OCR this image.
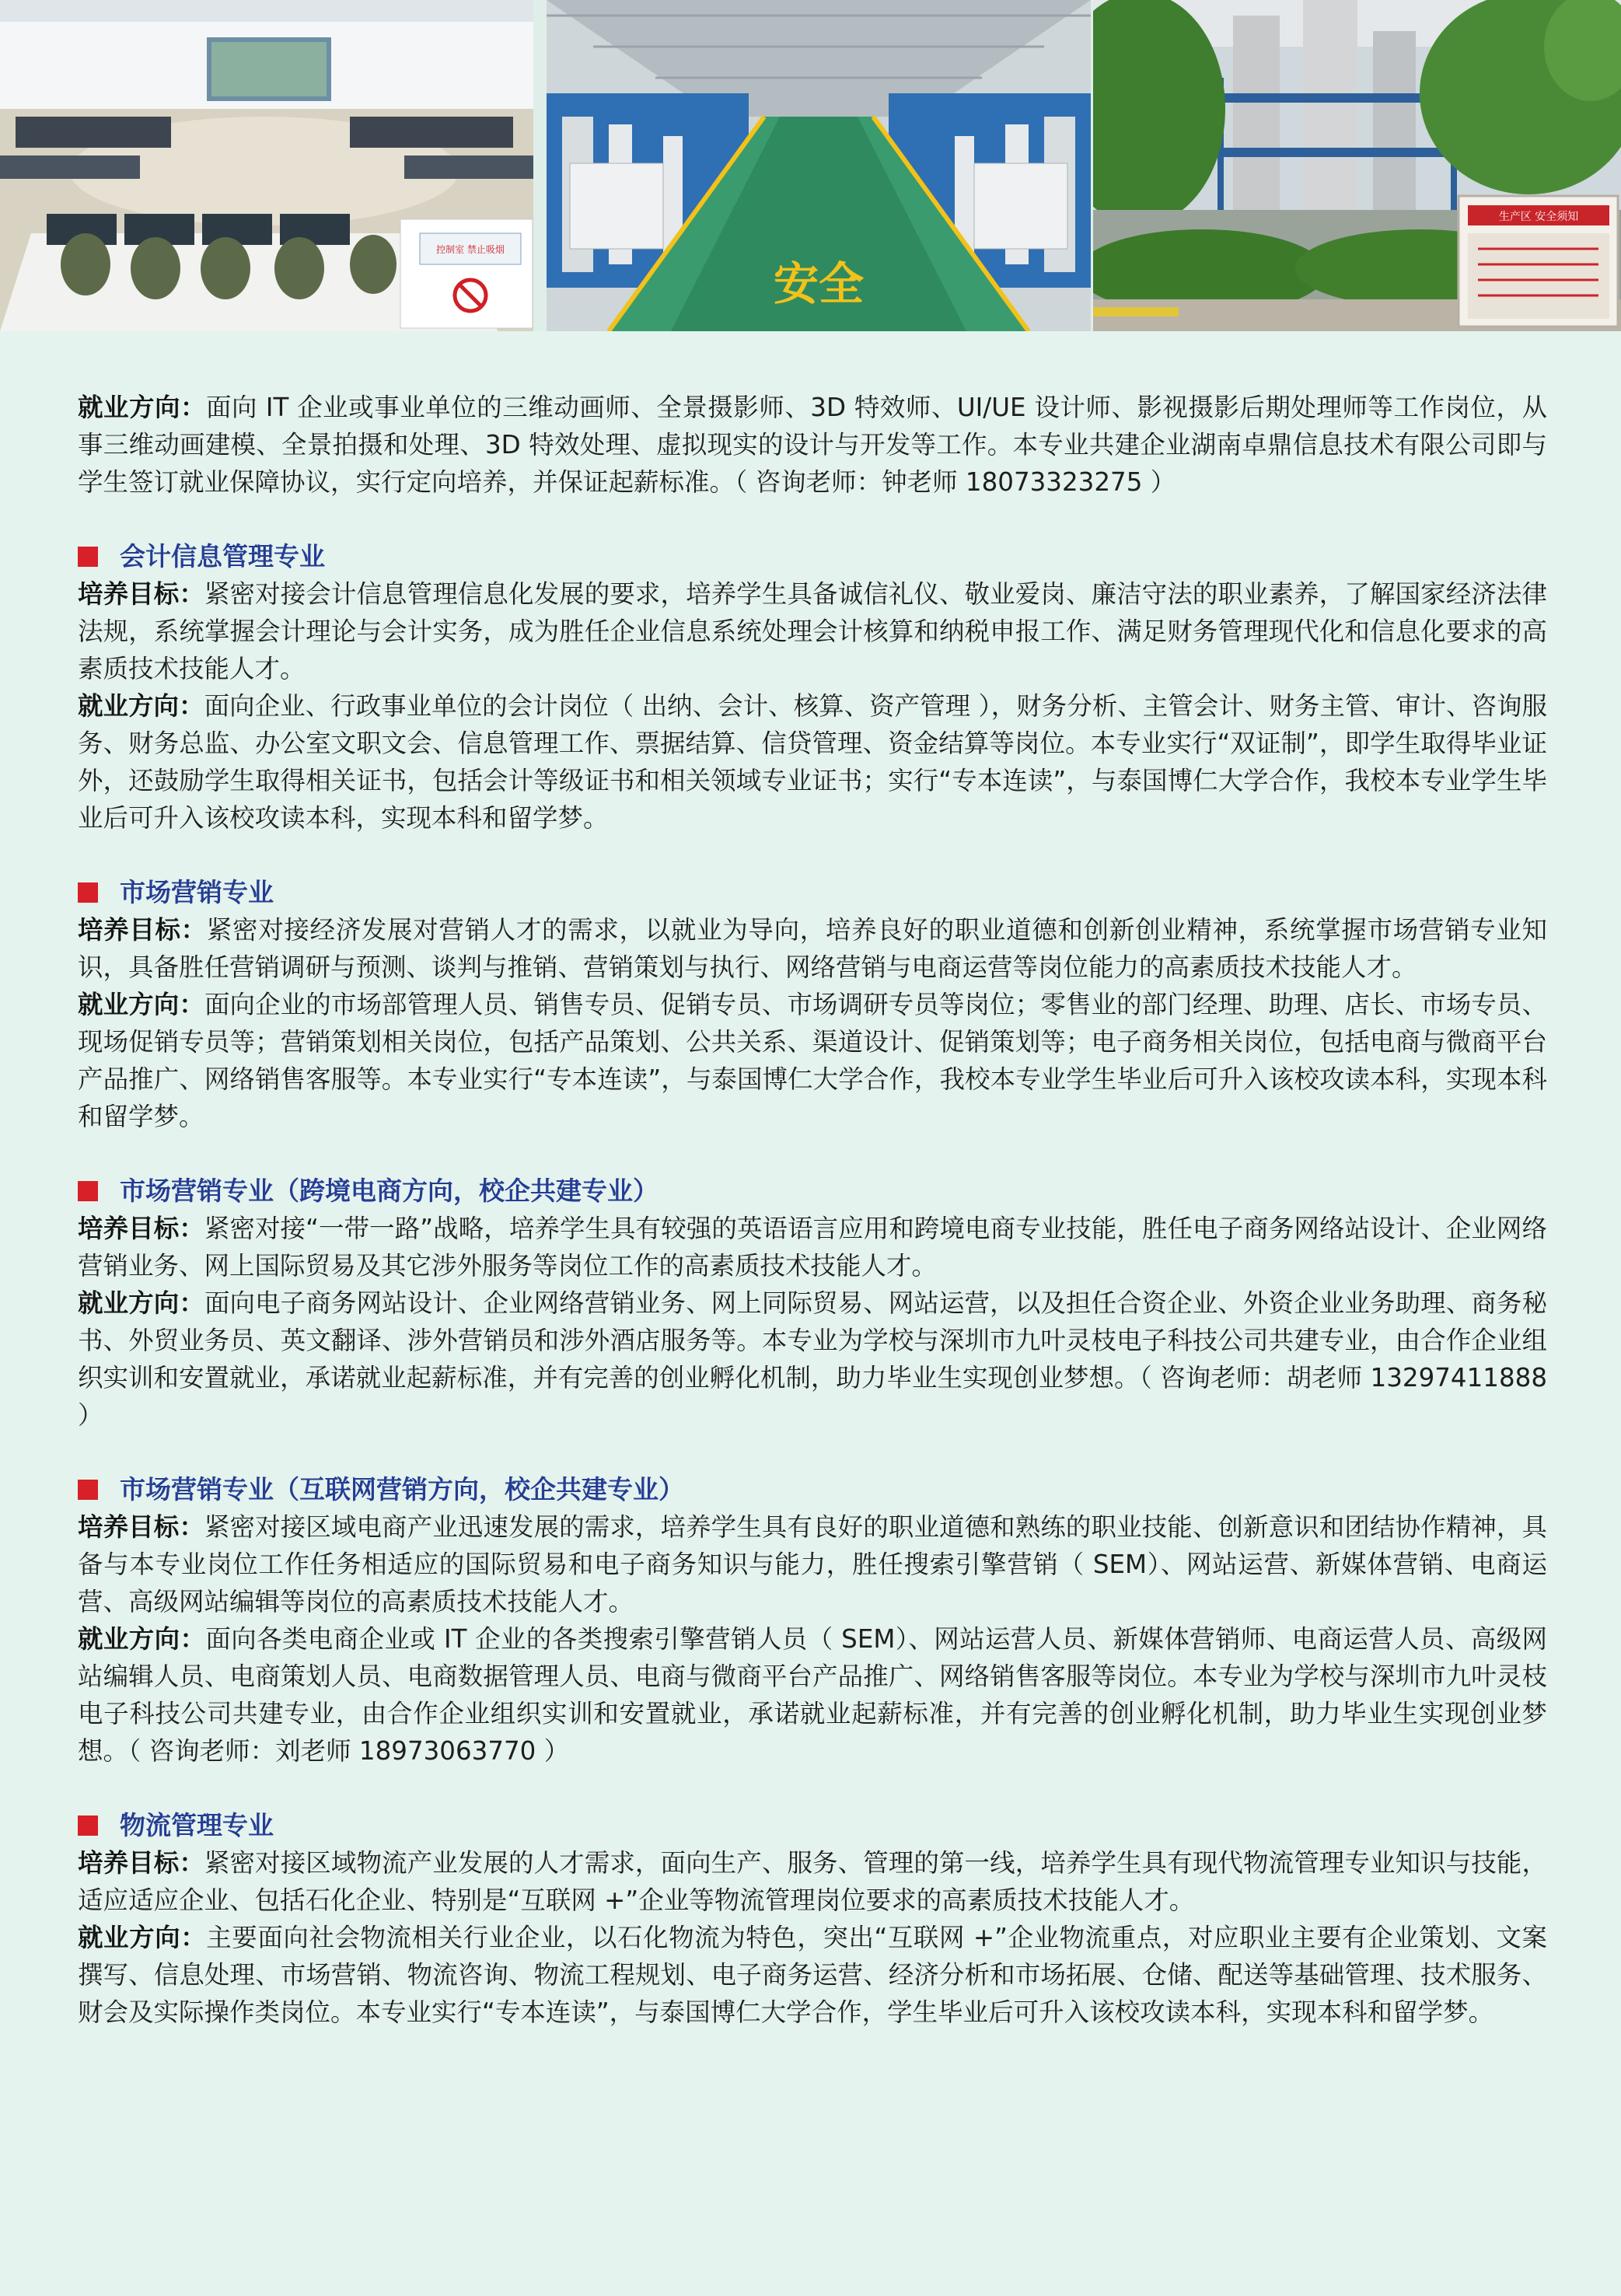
控制室 禁止吸烟
安全
生产区 安全须知

就业方向：面向 IT 企业或事业单位的三维动画师、全景摄影师、3D 特效师、UI/UE 设计师、影视摄影后期处理师等工作岗位，从事三维动画建模、全景拍摄和处理、3D 特效处理、虚拟现实的设计与开发等工作。本专业共建企业湖南卓鼎信息技术有限公司即与学生签订就业保障协议，实行定向培养，并保证起薪标准。（ 咨询老师：钟老师 18073323275 ）

会计信息管理专业

培养目标：紧密对接会计信息管理信息化发展的要求，培养学生具备诚信礼仪、敬业爱岗、廉洁守法的职业素养，了解国家经济法律法规，系统掌握会计理论与会计实务，成为胜任企业信息系统处理会计核算和纳税申报工作、满足财务管理现代化和信息化要求的高素质技术技能人才。

就业方向：面向企业、行政事业单位的会计岗位（ 出纳、会计、核算、资产管理 ），财务分析、主管会计、财务主管、审计、咨询服务、财务总监、办公室文职文会、信息管理工作、票据结算、信贷管理、资金结算等岗位。本专业实行“双证制”，即学生取得毕业证外，还鼓励学生取得相关证书，包括会计等级证书和相关领域专业证书；实行“专本连读”，与泰国博仁大学合作，我校本专业学生毕业后可升入该校攻读本科，实现本科和留学梦。

市场营销专业

培养目标：紧密对接经济发展对营销人才的需求，以就业为导向，培养良好的职业道德和创新创业精神，系统掌握市场营销专业知识，具备胜任营销调研与预测、谈判与推销、营销策划与执行、网络营销与电商运营等岗位能力的高素质技术技能人才。

就业方向：面向企业的市场部管理人员、销售专员、促销专员、市场调研专员等岗位；零售业的部门经理、助理、店长、市场专员、现场促销专员等；营销策划相关岗位，包括产品策划、公共关系、渠道设计、促销策划等；电子商务相关岗位，包括电商与微商平台产品推广、网络销售客服等。本专业实行“专本连读”，与泰国博仁大学合作，我校本专业学生毕业后可升入该校攻读本科，实现本科和留学梦。

市场营销专业（跨境电商方向，校企共建专业）

培养目标：紧密对接“一带一路”战略，培养学生具有较强的英语语言应用和跨境电商专业技能，胜任电子商务网络站设计、企业网络营销业务、网上国际贸易及其它涉外服务等岗位工作的高素质技术技能人才。

就业方向：面向电子商务网站设计、企业网络营销业务、网上同际贸易、网站运营，以及担任合资企业、外资企业业务助理、商务秘书、外贸业务员、英文翻译、涉外营销员和涉外酒店服务等。本专业为学校与深圳市九叶灵枝电子科技公司共建专业，由合作企业组织实训和安置就业，承诺就业起薪标准，并有完善的创业孵化机制，助力毕业生实现创业梦想。（ 咨询老师：胡老师 13297411888 ）

市场营销专业（互联网营销方向，校企共建专业）

培养目标：紧密对接区域电商产业迅速发展的需求，培养学生具有良好的职业道德和熟练的职业技能、创新意识和团结协作精神，具备与本专业岗位工作任务相适应的国际贸易和电子商务知识与能力，胜任搜索引擎营销（ SEM）、网站运营、新媒体营销、电商运营、高级网站编辑等岗位的高素质技术技能人才。

就业方向：面向各类电商企业或 IT 企业的各类搜索引擎营销人员（ SEM）、网站运营人员、新媒体营销师、电商运营人员、高级网站编辑人员、电商策划人员、电商数据管理人员、电商与微商平台产品推广、网络销售客服等岗位。本专业为学校与深圳市九叶灵枝电子科技公司共建专业，由合作企业组织实训和安置就业，承诺就业起薪标准，并有完善的创业孵化机制，助力毕业生实现创业梦想。（ 咨询老师：刘老师 18973063770 ）

物流管理专业

培养目标：紧密对接区域物流产业发展的人才需求，面向生产、服务、管理的第一线，培养学生具有现代物流管理专业知识与技能，适应适应企业、包括石化企业、特别是“互联网 +”企业等物流管理岗位要求的高素质技术技能人才。

就业方向：主要面向社会物流相关行业企业，以石化物流为特色，突出“互联网 +”企业物流重点，对应职业主要有企业策划、文案撰写、信息处理、市场营销、物流咨询、物流工程规划、电子商务运营、经济分析和市场拓展、仓储、配送等基础管理、技术服务、财会及实际操作类岗位。本专业实行“专本连读”，与泰国博仁大学合作，学生毕业后可升入该校攻读本科，实现本科和留学梦。
